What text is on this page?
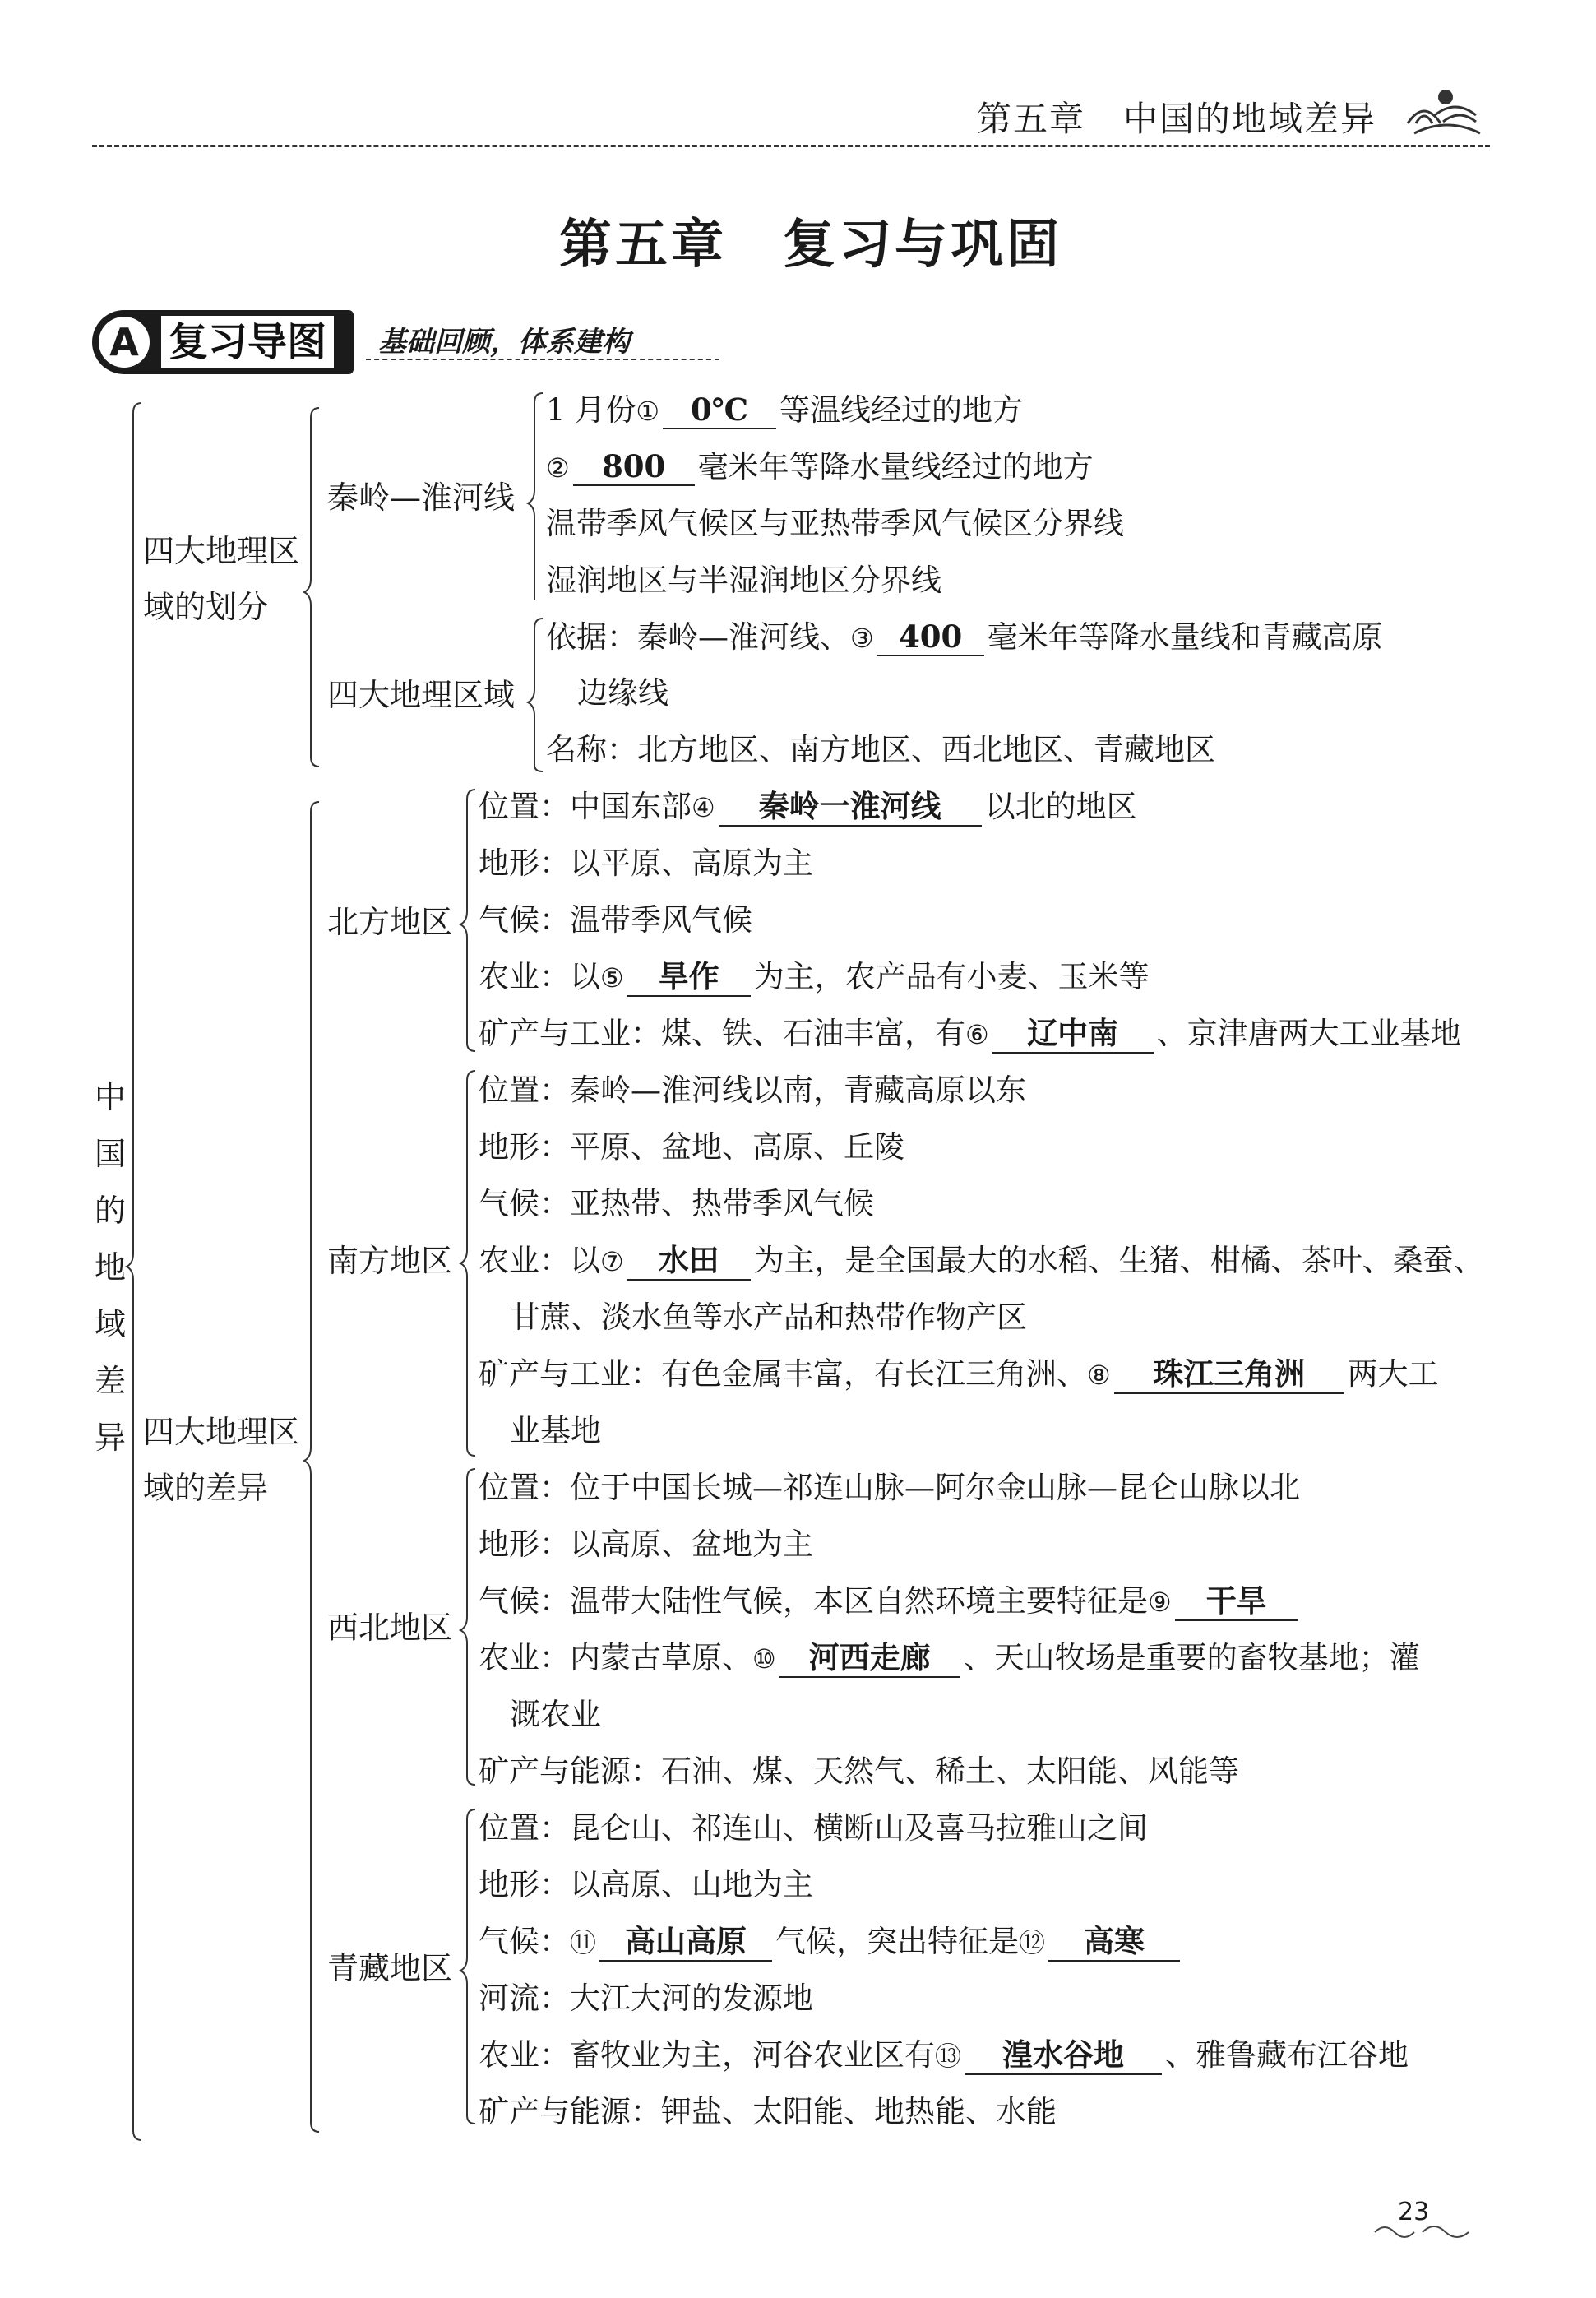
第五章 中国的地域差异
第五章　复习与巩固
A 复习导图 基础回顾，体系建构
中
国
的
地
域
差
异
四大地理区
域的划分
四大地理区
域的差异
秦岭—淮河线
四大地理区域
北方地区
南方地区
西北地区
青藏地区
1 月份① 0℃ 等温线经过的地方
② 800 毫米年等降水量线经过的地方
温带季风气候区与亚热带季风气候区分界线
湿润地区与半湿润地区分界线
依据：秦岭—淮河线、③ 400 毫米年等降水量线和青藏高原
边缘线
名称：北方地区、南方地区、西北地区、青藏地区
位置：中国东部④ 秦岭一淮河线 以北的地区
地形：以平原、高原为主
气候：温带季风气候
农业：以⑤ 旱作 为主，农产品有小麦、玉米等
矿产与工业：煤、铁、石油丰富，有⑥ 辽中南 、京津唐两大工业基地
位置：秦岭—淮河线以南，青藏高原以东
地形：平原、盆地、高原、丘陵
气候：亚热带、热带季风气候
农业：以⑦ 水田 为主，是全国最大的水稻、生猪、柑橘、茶叶、桑蚕、
甘蔗、淡水鱼等水产品和热带作物产区
矿产与工业：有色金属丰富，有长江三角洲、⑧ 珠江三角洲 两大工
业基地
位置：位于中国长城—祁连山脉—阿尔金山脉—昆仑山脉以北
地形：以高原、盆地为主
气候：温带大陆性气候，本区自然环境主要特征是⑨ 干旱
农业：内蒙古草原、⑩ 河西走廊 、天山牧场是重要的畜牧基地；灌
溉农业
矿产与能源：石油、煤、天然气、稀土、太阳能、风能等
位置：昆仑山、祁连山、横断山及喜马拉雅山之间
地形：以高原、山地为主
气候：⑪ 高山高原 气候，突出特征是⑫ 高寒
河流：大江大河的发源地
农业：畜牧业为主，河谷农业区有⑬ 湟水谷地 、雅鲁藏布江谷地
矿产与能源：钾盐、太阳能、地热能、水能
23
